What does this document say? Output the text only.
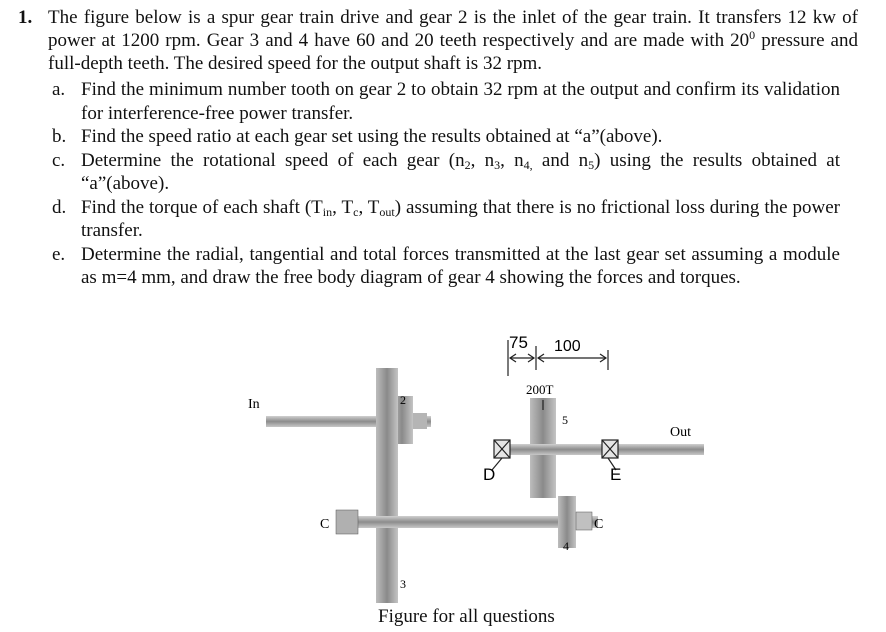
1. The figure below is a spur gear train drive and gear 2 is the inlet of the gear train. It transfers 12 kw of power at 1200 rpm. Gear 3 and 4 have 60 and 20 teeth respectively and are made with $20^0$ pressure and full-depth teeth. The desired speed for the output shaft is 32 rpm.
a. Find the minimum number tooth on gear 2 to obtain 32 rpm at the output and confirm its validation for interference-free power transfer.
b. Find the speed ratio at each gear set using the results obtained at “a”(above).
c. Determine the rotational speed of each gear ($n_2$, $n_3$, $n_{4,}$ and $n_5$) using the results obtained at “a”(above).
d. Find the torque of each shaft ($T_{in}$, $T_c$, $T_{out}$) assuming that there is no frictional loss during the power transfer.
e. Determine the radial, tangential and total forces transmitted at the last gear set assuming a module as m=4 mm, and draw the free body diagram of gear 4 showing the forces and torques.
75 100
200T
In
Out
2
3
4
5
D	E
C	C
Figure for all questions
